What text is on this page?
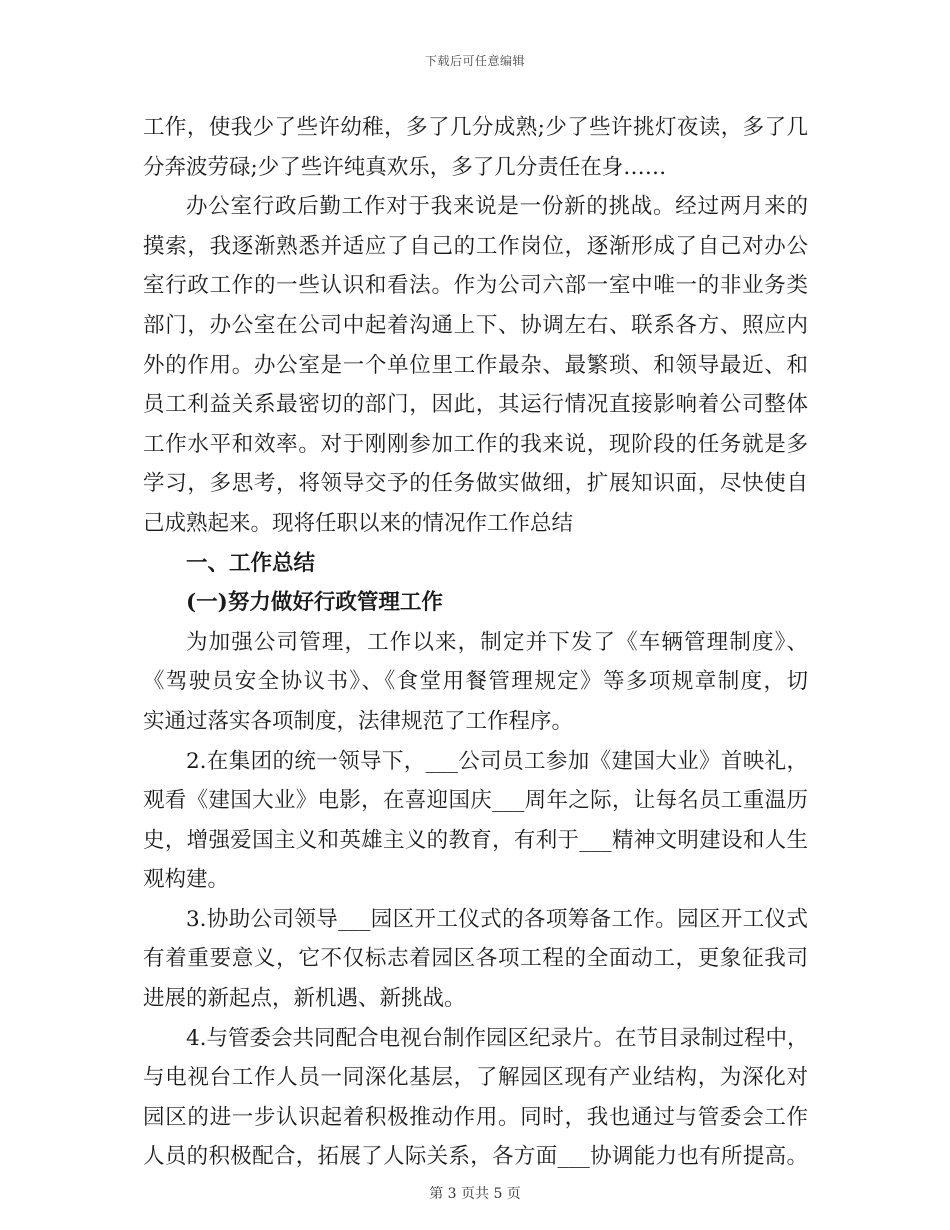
下载后可任意编辑
工作，使我少了些许幼稚，多了几分成熟;少了些许挑灯夜读，多了几
分奔波劳碌;少了些许纯真欢乐，多了几分责任在身……
办公室行政后勤工作对于我来说是一份新的挑战。经过两月来的
摸索，我逐渐熟悉并适应了自己的工作岗位，逐渐形成了自己对办公
室行政工作的一些认识和看法。作为公司六部一室中唯一的非业务类
部门，办公室在公司中起着沟通上下、协调左右、联系各方、照应内
外的作用。办公室是一个单位里工作最杂、最繁琐、和领导最近、和
员工利益关系最密切的部门，因此，其运行情况直接影响着公司整体
工作水平和效率。对于刚刚参加工作的我来说，现阶段的任务就是多
学习，多思考，将领导交予的任务做实做细，扩展知识面，尽快使自
己成熟起来。现将任职以来的情况作工作总结
一、工作总结
(一)努力做好行政管理工作
为加强公司管理，工作以来，制定并下发了《车辆管理制度》、
《驾驶员安全协议书》、《食堂用餐管理规定》等多项规章制度，切
实通过落实各项制度，法律规范了工作程序。
2.在集团的统一领导下，___公司员工参加《建国大业》首映礼，
观看《建国大业》电影，在喜迎国庆___周年之际，让每名员工重温历
史，增强爱国主义和英雄主义的教育，有利于___精神文明建设和人生
观构建。
3.协助公司领导___园区开工仪式的各项筹备工作。园区开工仪式
有着重要意义，它不仅标志着园区各项工程的全面动工，更象征我司
进展的新起点，新机遇、新挑战。
4.与管委会共同配合电视台制作园区纪录片。在节目录制过程中，
与电视台工作人员一同深化基层，了解园区现有产业结构，为深化对
园区的进一步认识起着积极推动作用。同时，我也通过与管委会工作
人员的积极配合，拓展了人际关系，各方面___协调能力也有所提高。
第 3 页共 5 页
